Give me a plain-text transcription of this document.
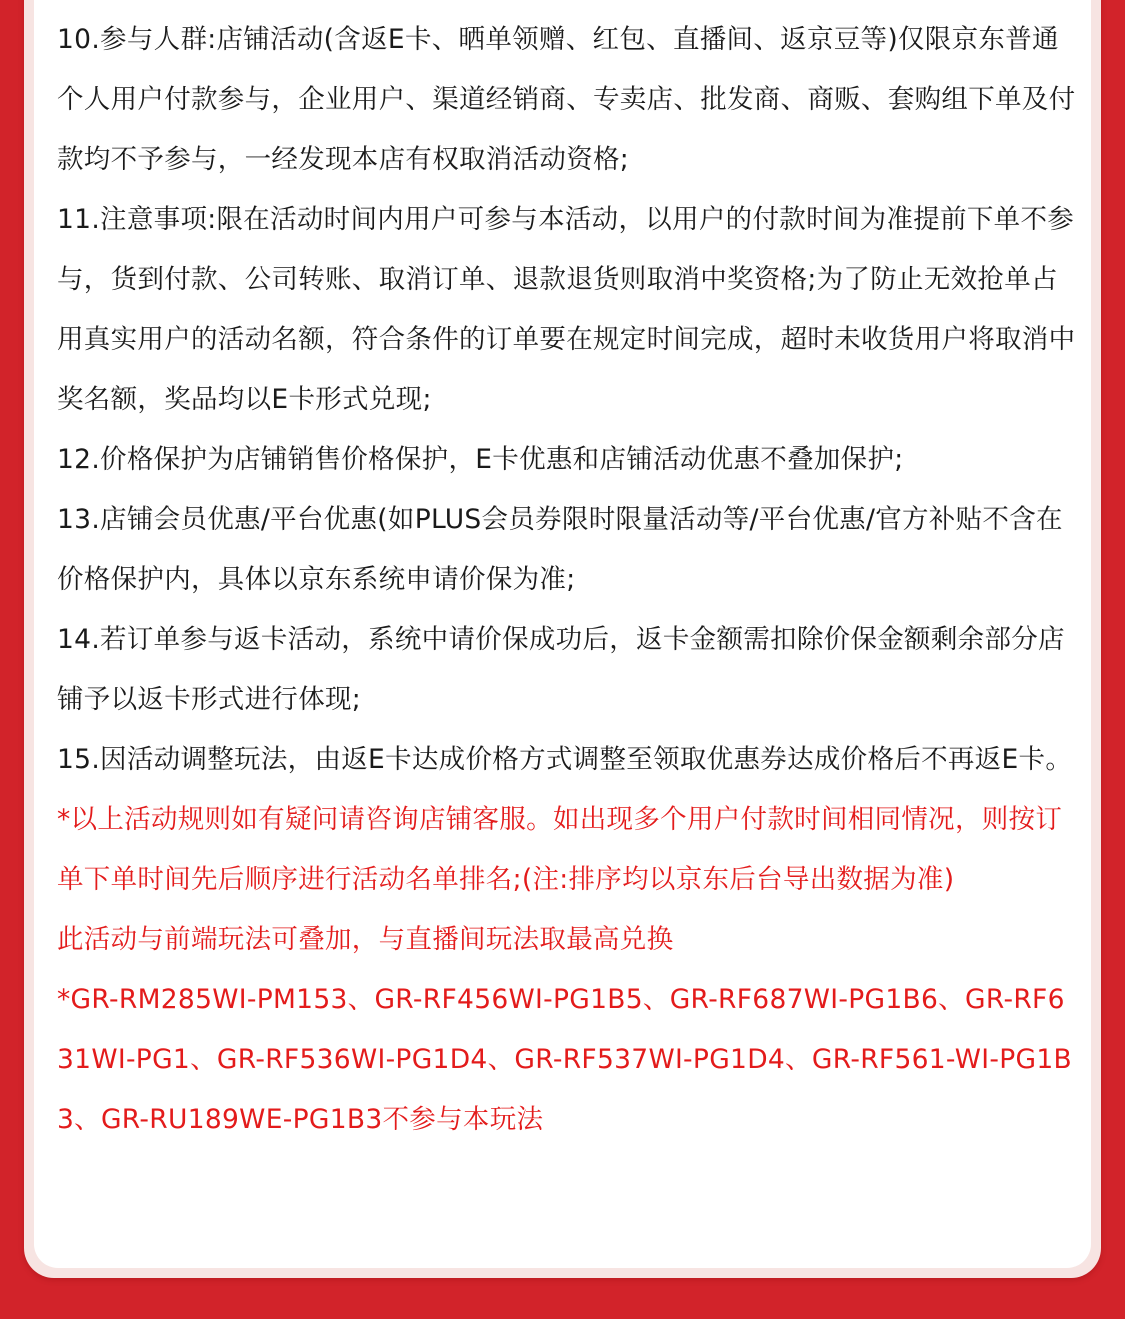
10.参与人群:店铺活动(含返E卡、晒单领赠、红包、直播间、返京豆等)仅限京东普通个人用户付款参与，企业用户、渠道经销商、专卖店、批发商、商贩、套购组下单及付款均不予参与，一经发现本店有权取消活动资格;

11.注意事项:限在活动时间内用户可参与本活动，以用户的付款时间为准提前下单不参与，货到付款、公司转账、取消订单、退款退货则取消中奖资格;为了防止无效抢单占用真实用户的活动名额，符合条件的订单要在规定时间完成，超时未收货用户将取消中奖名额，奖品均以E卡形式兑现;

12.价格保护为店铺销售价格保护，E卡优惠和店铺活动优惠不叠加保护;

13.店铺会员优惠/平台优惠(如PLUS会员券限时限量活动等/平台优惠/官方补贴不含在价格保护内，具体以京东系统申请价保为准;

14.若订单参与返卡活动，系统中请价保成功后，返卡金额需扣除价保金额剩余部分店铺予以返卡形式进行体现;

15.因活动调整玩法，由返E卡达成价格方式调整至领取优惠券达成价格后不再返E卡。

*以上活动规则如有疑问请咨询店铺客服。如出现多个用户付款时间相同情况，则按订单下单时间先后顺序进行活动名单排名;(注:排序均以京东后台导出数据为准)

此活动与前端玩法可叠加，与直播间玩法取最高兑换

*GR-RM285WI-PM153、GR-RF456WI-PG1B5、GR-RF687WI-PG1B6、GR-RF631WI-PG1、GR-RF536WI-PG1D4、GR-RF537WI-PG1D4、GR-RF561-WI-PG1B3、GR-RU189WE-PG1B3不参与本玩法
